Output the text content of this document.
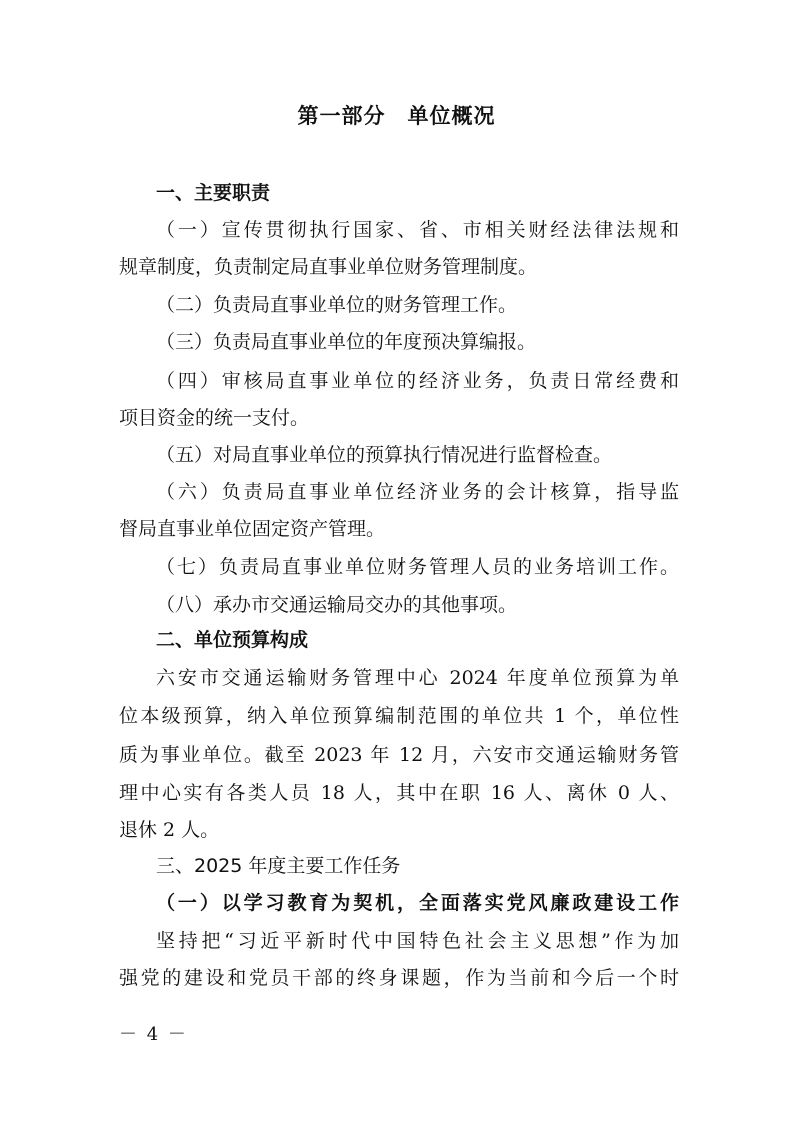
第一部分　单位概况
一、主要职责
（一）宣传贯彻执行国家、省、市相关财经法律法规和
规章制度，负责制定局直事业单位财务管理制度。
（二）负责局直事业单位的财务管理工作。
（三）负责局直事业单位的年度预决算编报。
（四）审核局直事业单位的经济业务，负责日常经费和
项目资金的统一支付。
（五）对局直事业单位的预算执行情况进行监督检查。
（六）负责局直事业单位经济业务的会计核算，指导监
督局直事业单位固定资产管理。
（七）负责局直事业单位财务管理人员的业务培训工作。
（八）承办市交通运输局交办的其他事项。
二、单位预算构成
六安市交通运输财务管理中心 2024 年度单位预算为单
位本级预算，纳入单位预算编制范围的单位共 1 个，单位性
质为事业单位。截至 2023 年 12 月，六安市交通运输财务管
理中心实有各类人员 18 人，其中在职 16 人、离休 0 人、
退休 2 人。
三、2025 年度主要工作任务
（一）以学习教育为契机，全面落实党风廉政建设工作
坚持把“习近平新时代中国特色社会主义思想”作为加
强党的建设和党员干部的终身课题，作为当前和今后一个时
－ 4 －
